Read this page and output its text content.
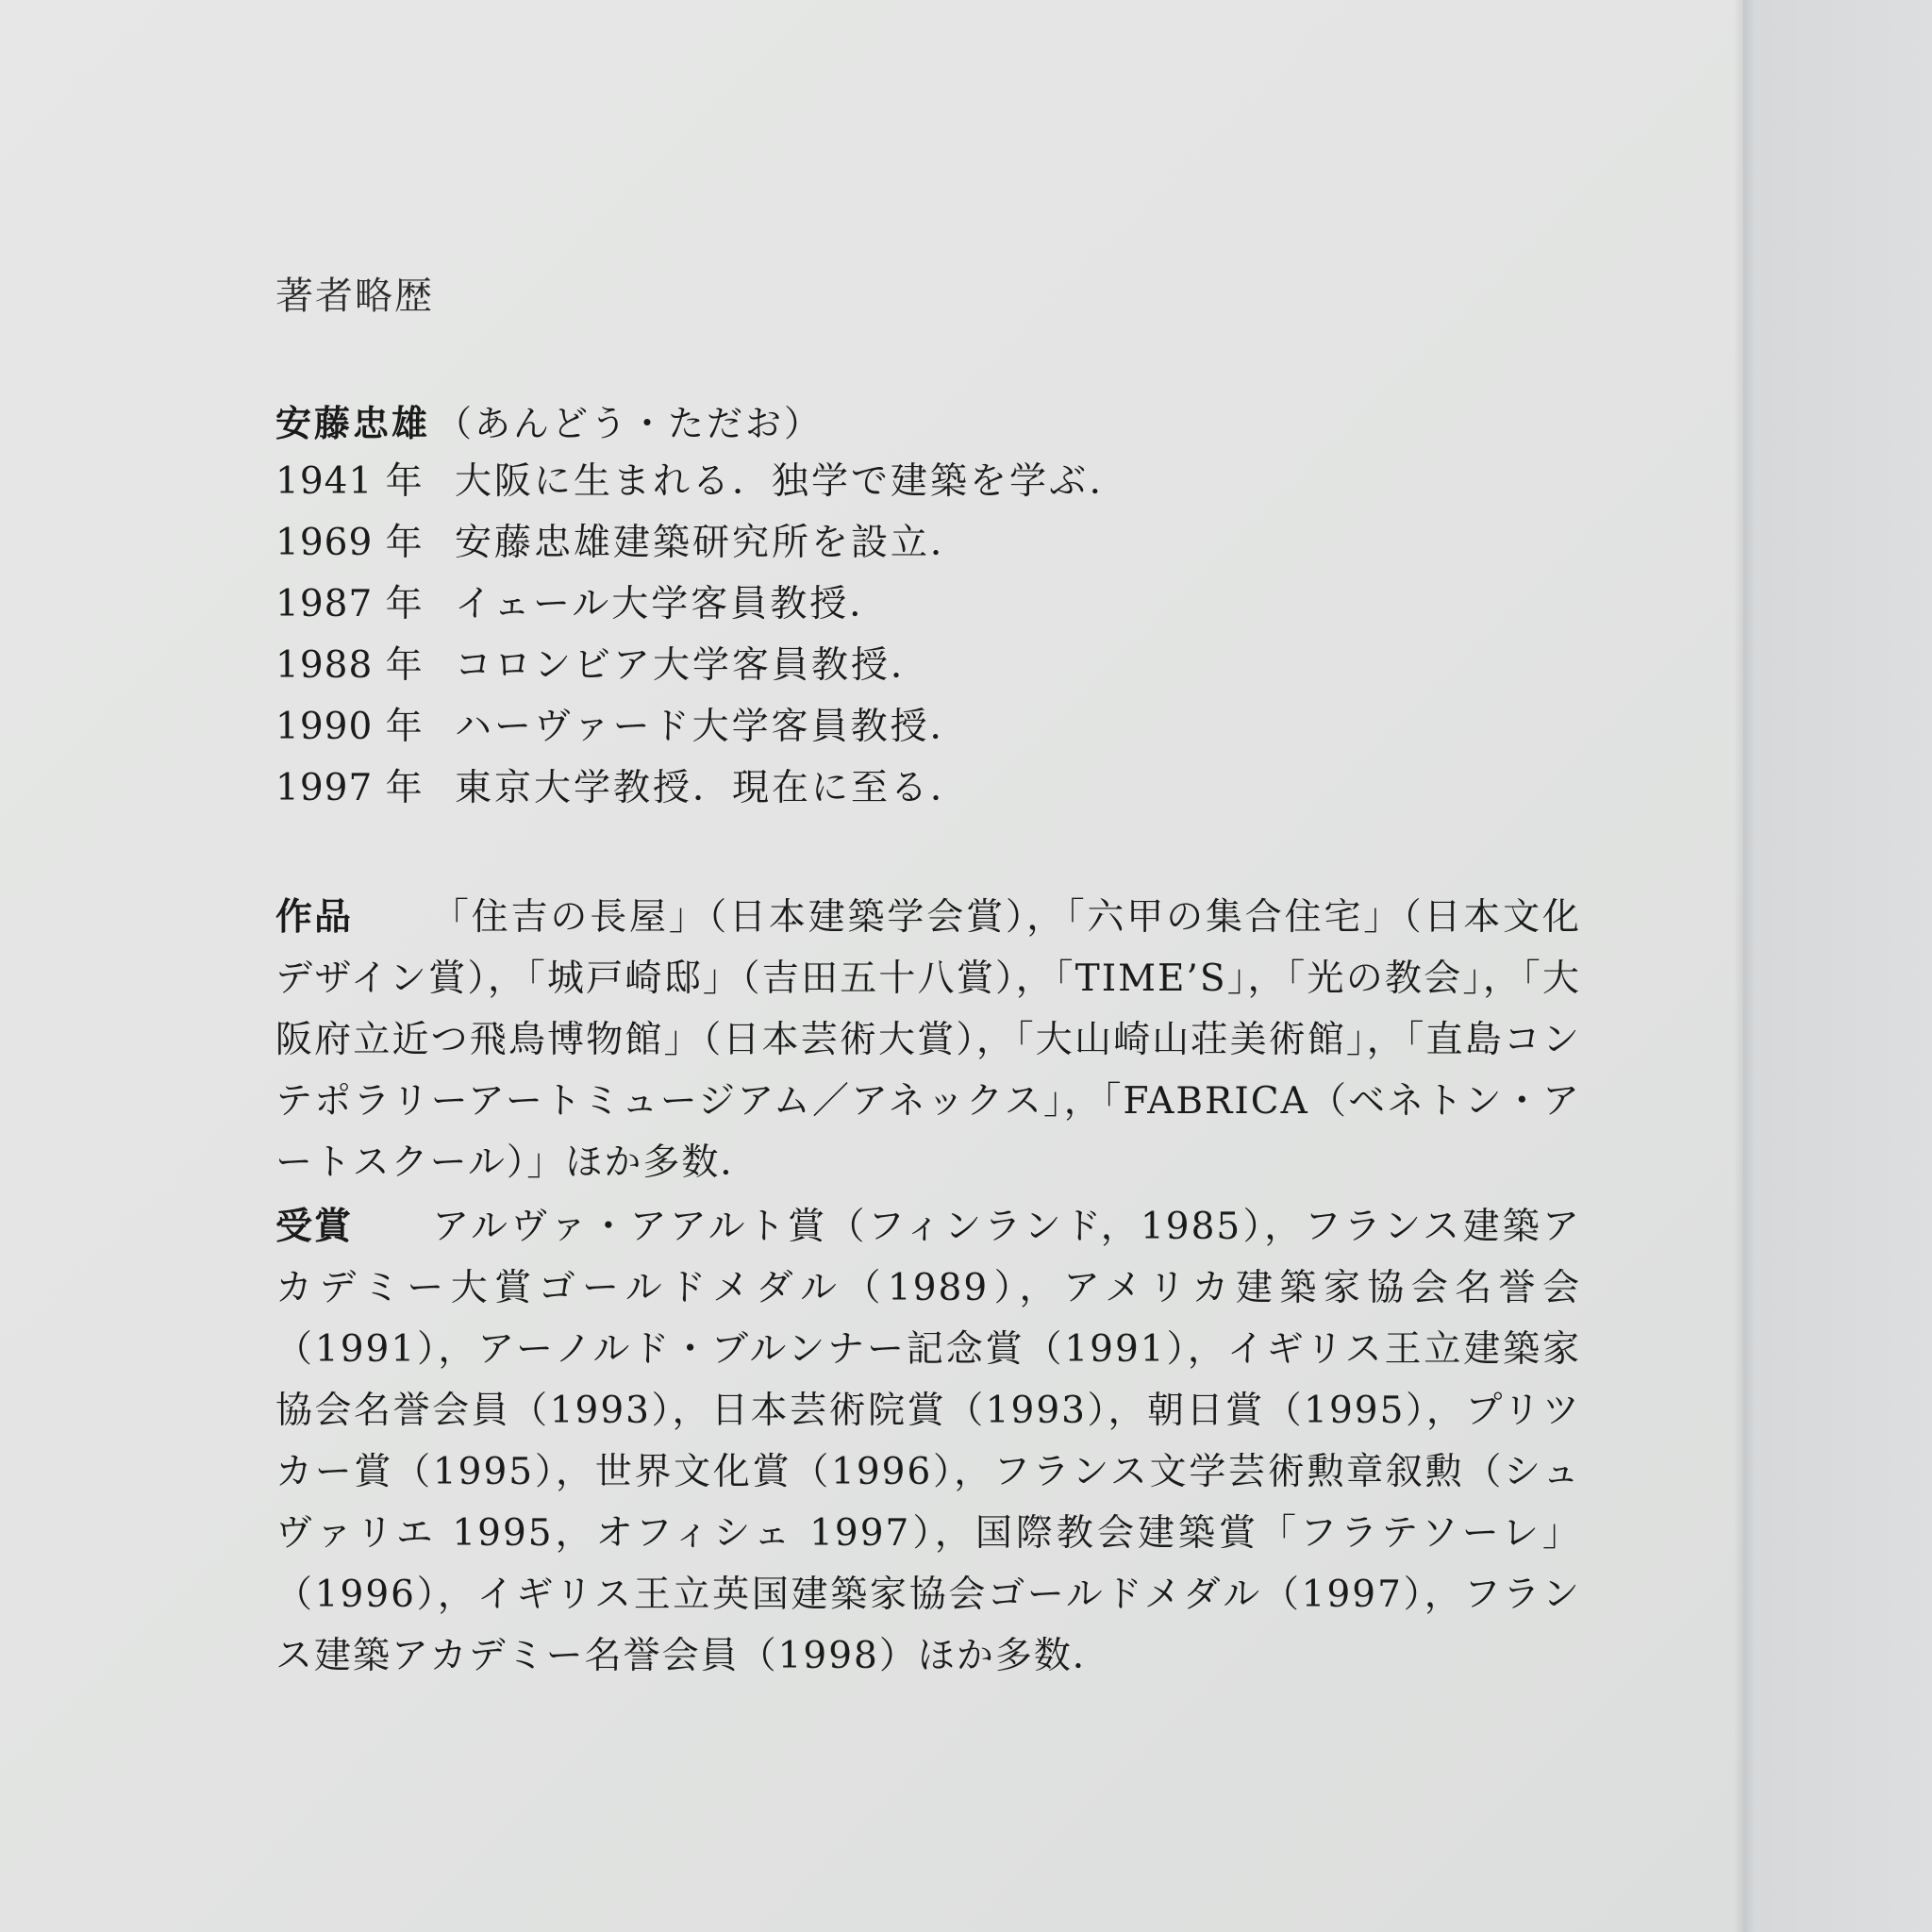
著者略歴
安藤忠雄 （あんどう・ただお）
1941 年 大阪に生まれる．独学で建築を学ぶ．
1969 年 安藤忠雄建築研究所を設立．
1987 年 イェール大学客員教授．
1988 年 コロンビア大学客員教授．
1990 年 ハーヴァード大学客員教授．
1997 年 東京大学教授．現在に至る．
作品 「住吉の長屋」（日本建築学会賞），「六甲の集合住宅」（日本文化デザイン賞），「城戸崎邸」（吉田五十八賞），「TIME’S」，「光の教会」，「大阪府立近つ飛鳥博物館」（日本芸術大賞），「大山崎山荘美術館」，「直島コンテポラリーアートミュージアム／アネックス」，「FABRICA（ベネトン・アートスクール）」ほか多数．
受賞 アルヴァ・アアルト賞（フィンランド，1985），フランス建築アカデミー大賞ゴールドメダル（1989），アメリカ建築家協会名誉会（1991），アーノルド・ブルンナー記念賞（1991），イギリス王立建築家協会名誉会員（1993），日本芸術院賞（1993），朝日賞（1995），プリツカー賞（1995），世界文化賞（1996），フランス文学芸術勲章叙勲（シュヴァリエ 1995，オフィシェ 1997），国際教会建築賞「フラテソーレ」（1996），イギリス王立英国建築家協会ゴールドメダル（1997），フランス建築アカデミー名誉会員（1998）ほか多数．
